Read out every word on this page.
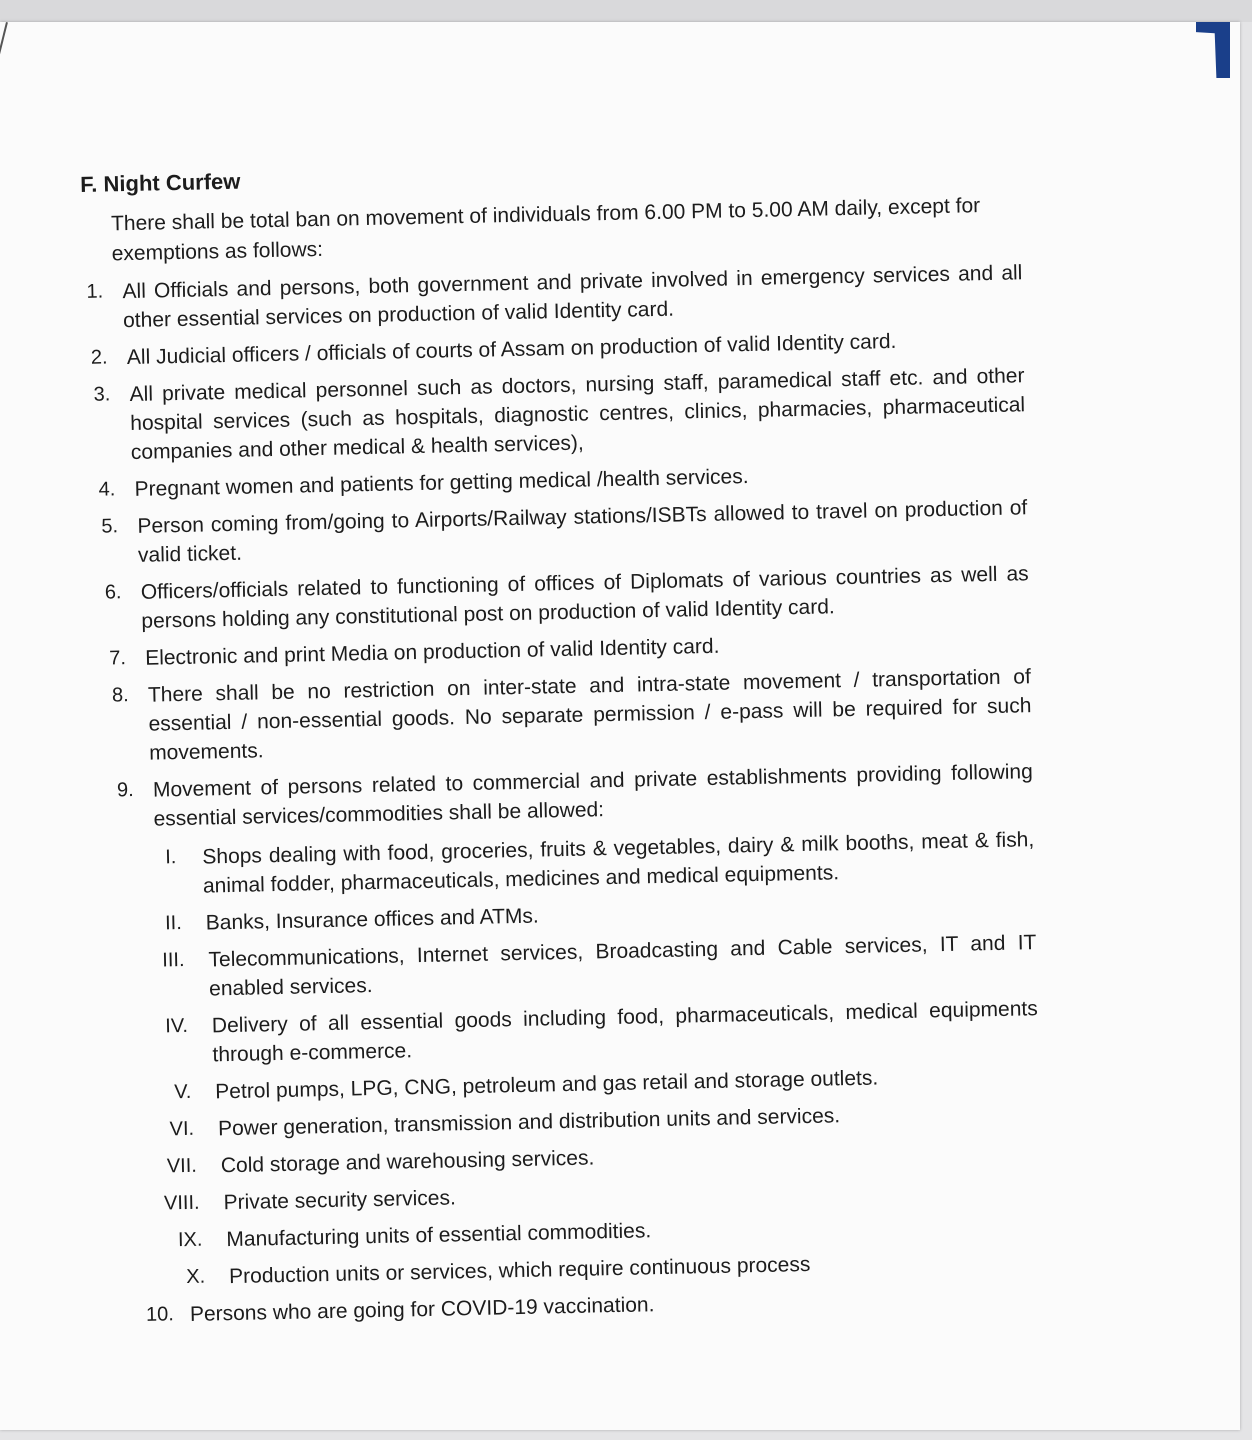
F. Night Curfew
There shall be total ban on movement of individuals from 6.00 PM to 5.00 AM daily, except for exemptions as follows:
1. All Officials and persons, both government and private involved in emergency services and all other essential services on production of valid Identity card.
2. All Judicial officers / officials of courts of Assam on production of valid Identity card.
3. All private medical personnel such as doctors, nursing staff, paramedical staff etc. and other hospital services (such as hospitals, diagnostic centres, clinics, pharmacies, pharmaceutical companies and other medical & health services),
4. Pregnant women and patients for getting medical /health services.
5. Person coming from/going to Airports/Railway stations/ISBTs allowed to travel on production of valid ticket.
6. Officers/officials related to functioning of offices of Diplomats of various countries as well as persons holding any constitutional post on production of valid Identity card.
7. Electronic and print Media on production of valid Identity card.
8. There shall be no restriction on inter-state and intra-state movement / transportation of essential / non-essential goods. No separate permission / e-pass will be required for such movements.
9. Movement of persons related to commercial and private establishments providing following essential services/commodities shall be allowed:
I. Shops dealing with food, groceries, fruits & vegetables, dairy & milk booths, meat & fish, animal fodder, pharmaceuticals, medicines and medical equipments.
II. Banks, Insurance offices and ATMs.
III. Telecommunications, Internet services, Broadcasting and Cable services, IT and IT enabled services.
IV. Delivery of all essential goods including food, pharmaceuticals, medical equipments through e-commerce.
V. Petrol pumps, LPG, CNG, petroleum and gas retail and storage outlets.
VI. Power generation, transmission and distribution units and services.
VII. Cold storage and warehousing services.
VIII. Private security services.
IX. Manufacturing units of essential commodities.
X. Production units or services, which require continuous process
10. Persons who are going for COVID-19 vaccination.
